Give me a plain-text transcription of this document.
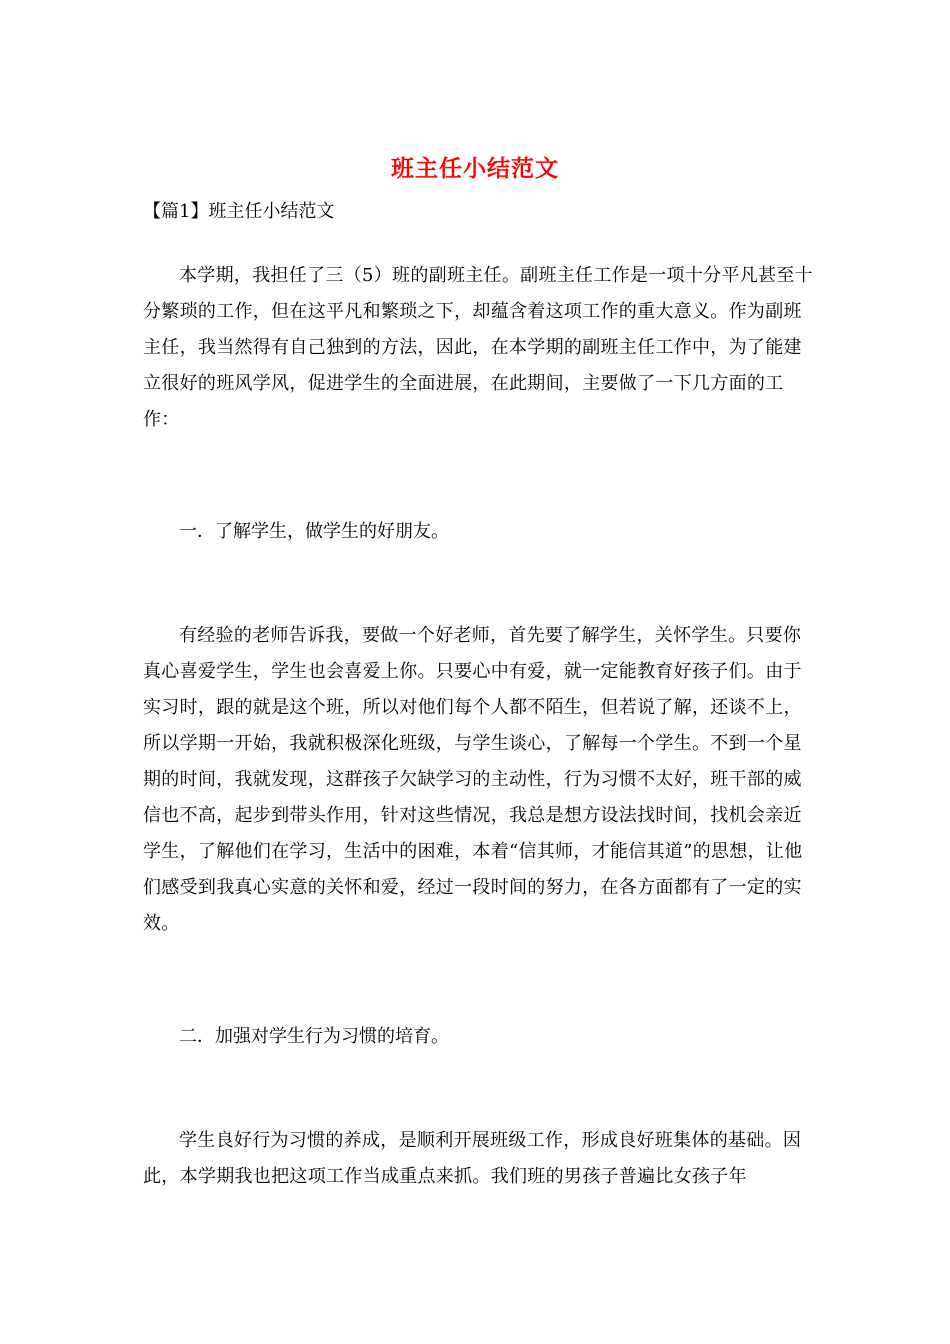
班主任小结范文
【篇1】班主任小结范文

本学期，我担任了三（5）班的副班主任。副班主任工作是一项十分平凡甚至十分繁琐的工作，但在这平凡和繁琐之下，却蕴含着这项工作的重大意义。作为副班主任，我当然得有自己独到的方法，因此，在本学期的副班主任工作中，为了能建立很好的班风学风，促进学生的全面进展，在此期间，主要做了一下几方面的工作：

一．了解学生，做学生的好朋友。

有经验的老师告诉我，要做一个好老师，首先要了解学生，关怀学生。只要你真心喜爱学生，学生也会喜爱上你。只要心中有爱，就一定能教育好孩子们。由于实习时，跟的就是这个班，所以对他们每个人都不陌生，但若说了解，还谈不上，所以学期一开始，我就积极深化班级，与学生谈心，了解每一个学生。不到一个星期的时间，我就发现，这群孩子欠缺学习的主动性，行为习惯不太好，班干部的威信也不高，起步到带头作用，针对这些情况，我总是想方设法找时间，找机会亲近学生，了解他们在学习，生活中的困难，本着“信其师，才能信其道”的思想，让他们感受到我真心实意的关怀和爱，经过一段时间的努力，在各方面都有了一定的实效。

二．加强对学生行为习惯的培育。

学生良好行为习惯的养成，是顺利开展班级工作，形成良好班集体的基础。因此，本学期我也把这项工作当成重点来抓。我们班的男孩子普遍比女孩子年
